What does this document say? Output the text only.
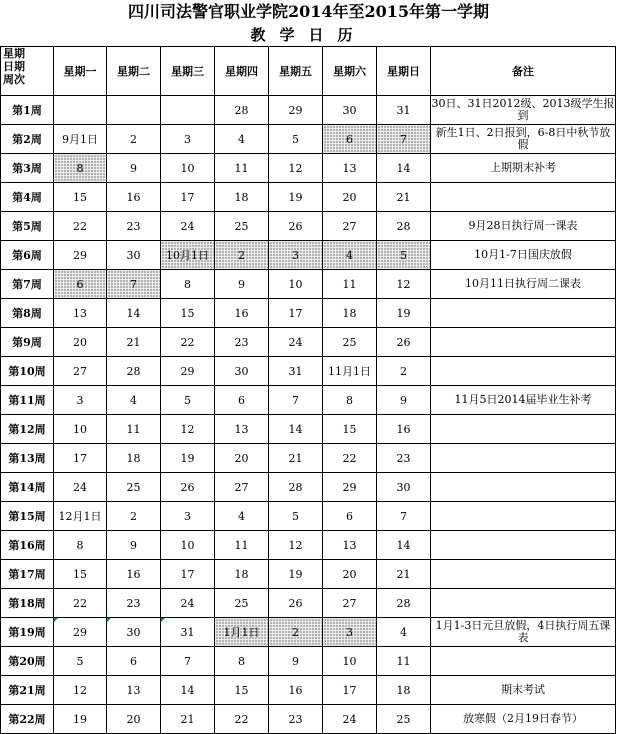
四川司法警官职业学院2014年至2015年第一学期
教学日历
星期
日期
周次	星期一	星期二	星期三	星期四	星期五	星期六	星期日	备注
第1周				28	29	30	31	30日、31日2012级、2013级学生报到
第2周	9月1日	2	3	4	5	6	7	新生1日、2日报到，6-8日中秋节放假
第3周	8	9	10	11	12	13	14	上期期末补考
第4周	15	16	17	18	19	20	21	
第5周	22	23	24	25	26	27	28	9月28日执行周一课表
第6周	29	30	10月1日	2	3	4	5	10月1-7日国庆放假
第7周	6	7	8	9	10	11	12	10月11日执行周二课表
第8周	13	14	15	16	17	18	19	
第9周	20	21	22	23	24	25	26	
第10周	27	28	29	30	31	11月1日	2	
第11周	3	4	5	6	7	8	9	11月5日2014届毕业生补考
第12周	10	11	12	13	14	15	16	
第13周	17	18	19	20	21	22	23	
第14周	24	25	26	27	28	29	30	
第15周	12月1日	2	3	4	5	6	7	
第16周	8	9	10	11	12	13	14	
第17周	15	16	17	18	19	20	21	
第18周	22	23	24	25	26	27	28	
第19周	29	30	31	1月1日	2	3	4	1月1-3日元旦放假，4日执行周五课表
第20周	5	6	7	8	9	10	11	
第21周	12	13	14	15	16	17	18	期末考试
第22周	19	20	21	22	23	24	25	放寒假（2月19日春节）
